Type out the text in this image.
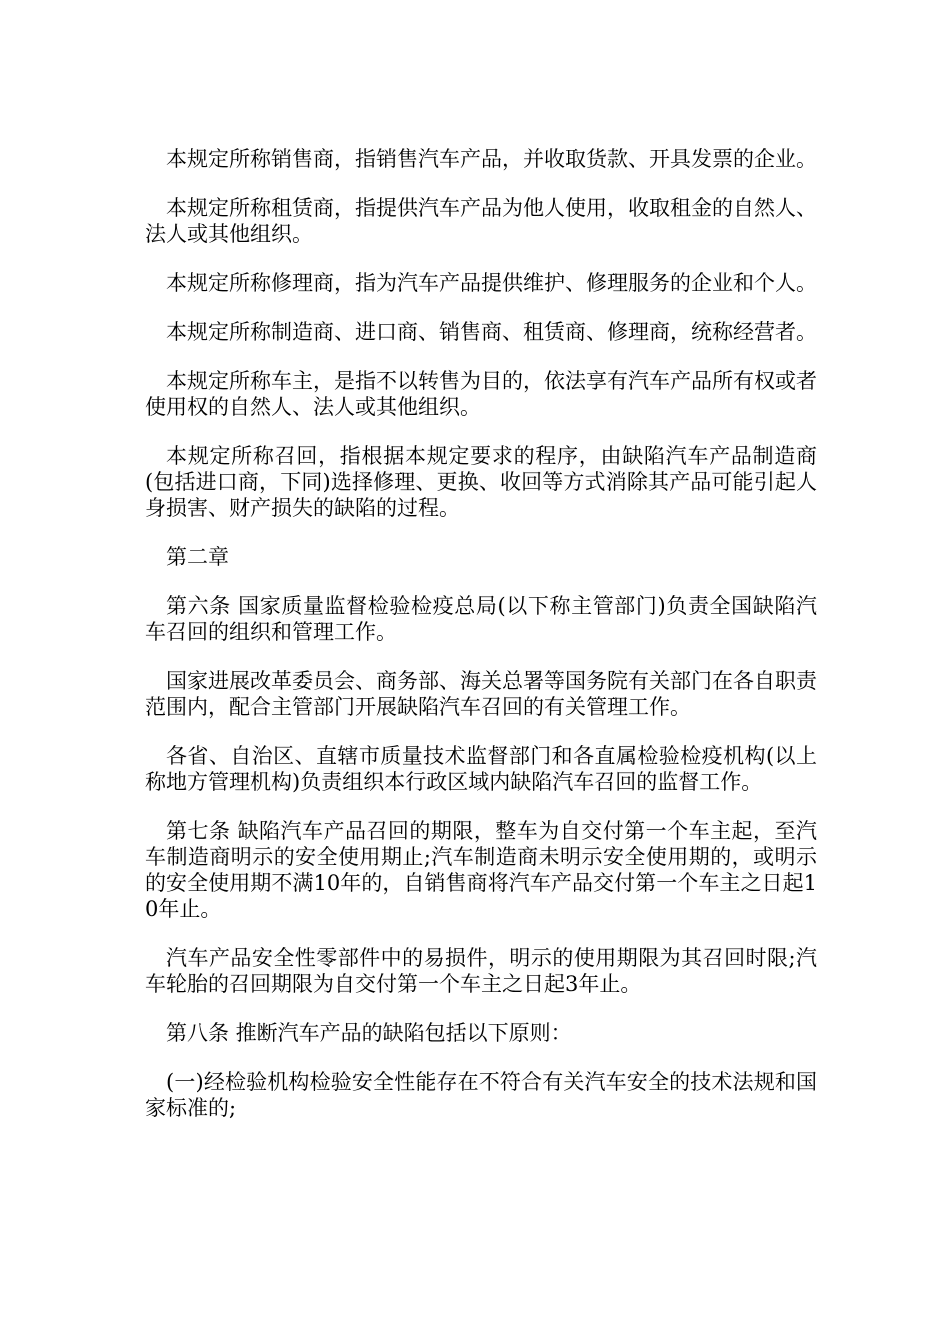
本规定所称销售商，指销售汽车产品，并收取货款、开具发票的企业。

本规定所称租赁商，指提供汽车产品为他人使用，收取租金的自然人、法人或其他组织。

本规定所称修理商，指为汽车产品提供维护、修理服务的企业和个人。

本规定所称制造商、进口商、销售商、租赁商、修理商，统称经营者。

本规定所称车主，是指不以转售为目的，依法享有汽车产品所有权或者使用权的自然人、法人或其他组织。

本规定所称召回，指根据本规定要求的程序，由缺陷汽车产品制造商(包括进口商，下同)选择修理、更换、收回等方式消除其产品可能引起人身损害、财产损失的缺陷的过程。

第二章

第六条 国家质量监督检验检疫总局(以下称主管部门)负责全国缺陷汽车召回的组织和管理工作。

国家进展改革委员会、商务部、海关总署等国务院有关部门在各自职责范围内，配合主管部门开展缺陷汽车召回的有关管理工作。

各省、自治区、直辖市质量技术监督部门和各直属检验检疫机构(以上称地方管理机构)负责组织本行政区域内缺陷汽车召回的监督工作。

第七条 缺陷汽车产品召回的期限，整车为自交付第一个车主起，至汽车制造商明示的安全使用期止;汽车制造商未明示安全使用期的，或明示的安全使用期不满10年的，自销售商将汽车产品交付第一个车主之日起10年止。

汽车产品安全性零部件中的易损件，明示的使用期限为其召回时限;汽车轮胎的召回期限为自交付第一个车主之日起3年止。

第八条 推断汽车产品的缺陷包括以下原则：

(一)经检验机构检验安全性能存在不符合有关汽车安全的技术法规和国家标准的;
